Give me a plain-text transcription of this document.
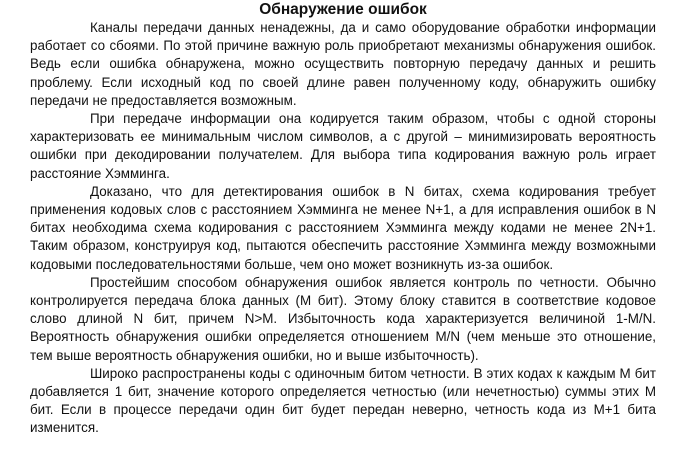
Обнаружение ошибок

Каналы передачи данных ненадежны, да и само оборудование обработки информации работает со сбоями. По этой причине важную роль приобретают механизмы обнаружения ошибок. Ведь если ошибка обнаружена, можно осуществить повторную передачу данных и решить проблему. Если исходный код по своей длине равен полученному коду, обнаружить ошибку передачи не предоставляется возможным.

При передаче информации она кодируется таким образом, чтобы с одной стороны характеризовать ее минимальным числом символов, а с другой – минимизировать вероятность ошибки при декодировании получателем. Для выбора типа кодирования важную роль играет расстояние Хэмминга.

Доказано, что для детектирования ошибок в N битах, схема кодирования требует применения кодовых слов с расстоянием Хэмминга не менее N+1, а для исправления ошибок в N битах необходима схема кодирования с расстоянием Хэмминга между кодами не менее 2N+1. Таким образом, конструируя код, пытаются обеспечить расстояние Хэмминга между возможными кодовыми последовательностями больше, чем оно может возникнуть из-за ошибок.

Простейшим способом обнаружения ошибок является контроль по четности. Обычно контролируется передача блока данных (М бит). Этому блоку ставится в соответствие кодовое слово длиной N бит, причем N>M. Избыточность кода характеризуется величиной 1-M/N. Вероятность обнаружения ошибки определяется отношением M/N (чем меньше это отношение, тем выше вероятность обнаружения ошибки, но и выше избыточность).

Широко распространены коды с одиночным битом четности. В этих кодах к каждым М бит добавляется 1 бит, значение которого определяется четностью (или нечетностью) суммы этих М бит. Если в процессе передачи один бит будет передан неверно, четность кода из М+1 бита изменится.
